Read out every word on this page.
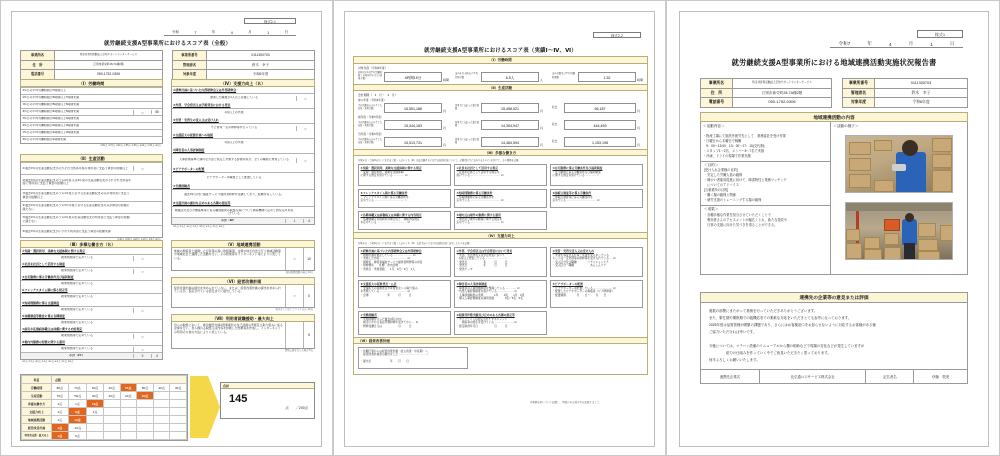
様式2-1
令和	7	年	4	月	1	日
就労継続支援A型事業所におけるスコア表（全般）
事業所名	特定非営利活動法人空知サポートセンターサービス
住　所	江別市新栄町28-7A棟2階
電話番号	050-1752-0306
事業所番号	0111300703
管理者名	鈴木　幸子
対象年度	令和6年度
（Ⅰ）労働時間
①1日の平均労働時間が7時間以上
②1日の平均労働時間が6時間以上7時間未満
③1日の平均労働時間が5時間以上6時間未満
④1日の平均労働時間が4時間以上5時間未満	○	55
⑤1日の平均労働時間が3時間以上4時間未満
⑥1日の平均労働時間が2時間以上3時間未満
⑦1日の平均労働時間が1時間以上2時間未満
⑧1日の平均労働時間が1時間未満
①80点 ②70点 ③60点 ④55点 ⑤50点 ⑥40点 ⑦30点 ⑧0点
（Ⅱ）生産活動
①過去3年の生産活動収支がそれぞれ当該各年度の利用者に支払う賃金の総額以上	○
②過去3年の生産活動収支のうち2年度又は3年度の生産活動収支がそれぞれ当該各年度に利用者に支払う賃金の総額以上
③過去3年の生産活動収支のうち1年度における生産活動収支のみが利用者に支払う賃金の総額以上
④過去3年の生産活動収支のうち3か年度における生産活動収支のみが賃金の総額に満たない
⑤過去3年の生産活動収支のうち2年度の生産活動収支が利用者に支払う賃金の総額に満たない
⑥過去3年の生産活動収支がいずれも利用者に支払う賃金の総額未満
（Ⅲ）多様な働き方（Ｒ）
①免除・選択利用、柔軟な支援体制に関する規定
就業規則等で定めている	○
②社員を社員として活用する制度
就業規則等で定めている	○
③在宅勤務に係る労働条件及び福利制度
就業規則等で定めている
④フレックスタイム制に係る規定等
就業規則等で定めている
⑤短時間勤務に係る支援制度
就業規則等で定めている	○
⑥休暇制度等勤怠に係る各種制度
就業規則等で定めている
⑦病気や私傷病休職又は休暇に関する内容規定
就業規則等で定めている	○
⑧場内外勤務の形態に関する運用
就業規則等で定めている	○
小計（2①）	5	4
①1点 ②1点 ③1点 ④1点 ⑤1点 ⑥1点 ⑦1点 ⑧1点
（Ⅳ）支援力向上（Ｒ）
①研修計画に基づいた内部研修会又は外部研修会
参加した職員が1人以上在籍している	○
②外部、学会発表又は学術発表における発表
1回以上の実施
③実習・実習生の受入又は受け入れ
サビ管等一定の研修等を行っている	○
④支援拡大の促進計画への取組
1回以上の実施
⑤障害者の人事評価制度
人事評価基準に適切な方法で設定し実施する評価を設け、全ての職員に周知している	○
⑥ピアサポーターの配置
ピアサポーターを職員として配置している
⑦実務経験者
過去3年以内に福祉サービス提供者研修を受講しており、経験を有している。
⑧支援計画の適切な定めのある各種の認証等
関連法令及び介護基準等に係る職員提供の取組み等について関係機関に定めて的な定めを設けている
小計（Ⅳ）	1	4
①1点 ②1点 ③1点 ④1点 ⑤5点 ⑥1点 ⑦1点 ⑧1点
（Ⅴ）地域連携活動
地域の関係者と連携した行政等の高い取組事項、企業や地元自治で行う地域活動等や地域社会と連携した活動を行い、その結果等をインターネット等により公表している。	○	10
地域連携活動の場合 10点
（Ⅵ）経営改善計画
経営改善計画の提出を求められていない、または、経営改善計画の提出を求められているが、指定されている認定までに提出している。
○	0
提出なしに応じてマイナス点 -10点
（Ⅶ）利用者就職援助・最大向上
自らの取組において、就労継続支援A型事業所の自己評価の実施及び取り組みに係る企業を行い、自ら携わる取組又は内容を評価した結果等を作成し、インターネットの利用その他の方法により公表している。
5
情報公表を行った場合 5点
項目	点数							
労働時間	80点	70点	60点	40点	55点	50点	40点	30点
生産活動	70点	*40点	30点	40点	20点	10点		
多様な働き方	1点	1点	11点					
支援力向上	1点	5点	1点					
地域連携活動	1点	10点						
経営改善計画	1点	-10点						
利用者支援・最大向上	1点	5点						
合計
145
点　　／200点
様式2-2
就労継続支援A型事業所におけるスコア表（実績Ⅰ～Ⅳ、Ⅵ）
（Ⅰ）労働時間
対象年度（令和6年度）
利用者の1日平均労働時間（全利用者の合計÷利用者数）	4時間15分	時間
該当年度末時点の平均利用者数	6.5人	人
該当月数及び平均労働時間数	1.52	時間
（Ⅱ）生産活動
会計期間（　4　月～　3　月）
前々年度（令和4年度）
生産活動収入から生じた収益（利用者数）	15,551,186	円
利用者に支払った賃金総額	15,458,521	円
収支	56,187	円
前年度（令和5年度）
生産活動収入から生じた収益（利用者数）	15,344,183	円
利用者に支払った賃金総額	14,354,947	円
収支	444,459	円
当年度（令和6年度）
生産活動収入から生じた収益（利用者数）	15,513,731	円
利用者に支払った賃金総額	14,484,594	円
収支	1,153,198	円
（Ⅲ）多様な働き方
対象年度（令和6年度）における実績（上記のうち（Ⅲ）多様な働き方における取組状況について、記載項目等に該当するものに○を付けて、その根拠を記載）
①免除・選択利用、柔軟な支援体制に関する規定
・免除・選択利用、柔軟な支援体制
に関する規定を設けている ………… ☑
②社員を社員として活用する規定
・社員を社員として活用する規定を
設けている …………………………… ☑
③在宅勤務に係る労働条件及び福利制度
・在宅勤務に係る労働条件及び福利制度
に関する規定を設けている ………… ○
④フレックスタイム制に係る労働条件
・フレックスタイム制に係る労働条件を
定めている …………………………… ○
⑤短時間勤務に係る労働条件
・短時間勤務に係る労働条件を
定めている …………………………… ☑
⑥休暇立制度等に係る労働条件
・休暇立制度等に係る労働条件を
定めている …………………………… ☑
⑦各種休職又は病傷病又は休暇に関する内容規定
・各種休職その他病気の場合など、休暇内容規定
を定めている …………………………… ☑
⑧場内又は場外の勤務に関する運用
・場内及び場外の勤務に関する規定を
定めている …………………………… ☑
（Ⅳ）支援力向上
対象年度（令和6年度）における実績（上記のうち（Ⅳ）支援力向上における取組状況に該当したものを記載）
①研修計画に基づいた内部研修会又は外部研修会
・研修計画を策定している ………………… ☑
・実施した内容 ………………………… ☑
・研修名　障害者福祉サービス提供者研修等の内容
・研修場所　　札幌　市内会場
・実施日・実施者数　　1月　2日／1日　1人
②外部、学会発表又は学会発表において発表
・外部、学会発表又は学会発表において
　1回以上発表している ………………… ○
・発表日　　　　　　年　　　月　　　日
・発表日　　　　　　年　　　月　　　日
・発表テーマ
③実習・実習生受入又は受け入れ
・実習生等受け入れ等・実習生受入をしている
もしくは一定実習等の研修等を受け入れている … ☑
・受入区分及び職種　　　　リテンションケア
・受入区分・職種　　　　　　あんしんケア
④支援拡大の促進普及・公表
・支援拡大の促進普及や育成普及へ の取り組み
を実施している ………………………… ☑
・会場　　　　　　　年　　　月　　　日
⑤障害者の人事評価制度
・障害者の人事評価制度を整備している ………… ☑
・内部人事評価制度を設けている ……………… ☑
・人事評価制度の実施　　　　1年　　1回　　1月　1回
・導入人事評価制度の適用者数　　　　3名／5名　6名
⑥ピアサポーターの配置
・ピアサポーターを配置している ………………… ☑
・配置したピアサポーターの資格等（ピア研修等）
・配置期間　　　　月　　日～　　月　　日
⑦実務経験者
・実務経験を行った過去3年以内に
　就労にかかる者は実務研修を受けてから … ☑
・研修受講日又は　　　　　　月　　　日
⑧相談等件数実績及び定めのある各種の認定等
・ガイドラインの認定されてマネジメント
　　関係等の認定を受けている ………………… ☑
・認定取得年月日　　　　　　月　　　日
（Ⅵ）経営改善計画
・所轄庁等からの経営改善計画（自主改善・中長期）へ、
　経営改善計画書の提出をした ………………………… ○

・提出日　　　　　　　年　　月　　日
※事業年度について記載し、実績のある部分等を記載すること。
様式1
令和7	年	4	月	1	日
就労継続支援A型事業所における地域連携活動実施状況報告書
事業所名	特定非営利活動法人空知サポートセンターサービス
住　所	江別市新栄町28-7A棟2階
電話番号	050-1752-0306
事業所番号	0111300703
管理者名	鈴木　幸子
対象年度	令和6年度
地域連携活動の内容
＜活動内容＞
・物流工場にて施設外就労先として　業務委託を受け作業
・日曜日から木曜日で稼働
　9：00～13:00、13：00～17：15(交代制)
・スタッフ1～2名、メンバー5～7名で実施
・冷凍、ドライの現場で作業実施
＜目的＞
[受け入れ企業様の目的]
・安定した労働人員の確保
・障がい者雇用促進に向けて、障害特性と業務マッチング
　についてのアドバイス
[当事業所の目的]
・働く場の確保と関係
・就労支援のトレーニングする場の確保
＜成果＞
・各種多様な作業を担当させていただくことで
　利用者さんのアセスメントが幅広くとれ、新たな発見や
　日常の支援に向けた気づきを得ることができる。
＜活動の様子＞
連携先の企業等の意見または評価
複数の部署にまたがって業務を行っていただきありがとうございます。
また、繁忙期や閑散期での臨機応変での柔軟な対応をいただきとても参考になっております。
2025年度は品質管理が喫緊の課題であり、さらにはお客様窓口をお怒らせないように対応するお客様がある様
ご協力いただければ幸いです。
今後については、マテハン設備のリニューアルから棚の刷新などで現場の変化などが発生していますが
　　　　　総力の仕組みを作っていく中でご意見いただきたく思っております。
何卒よろしくお願いいたします。
連携先企業名	北弘通ロジサービス株式会社	記名者名	伊藤　敦美
